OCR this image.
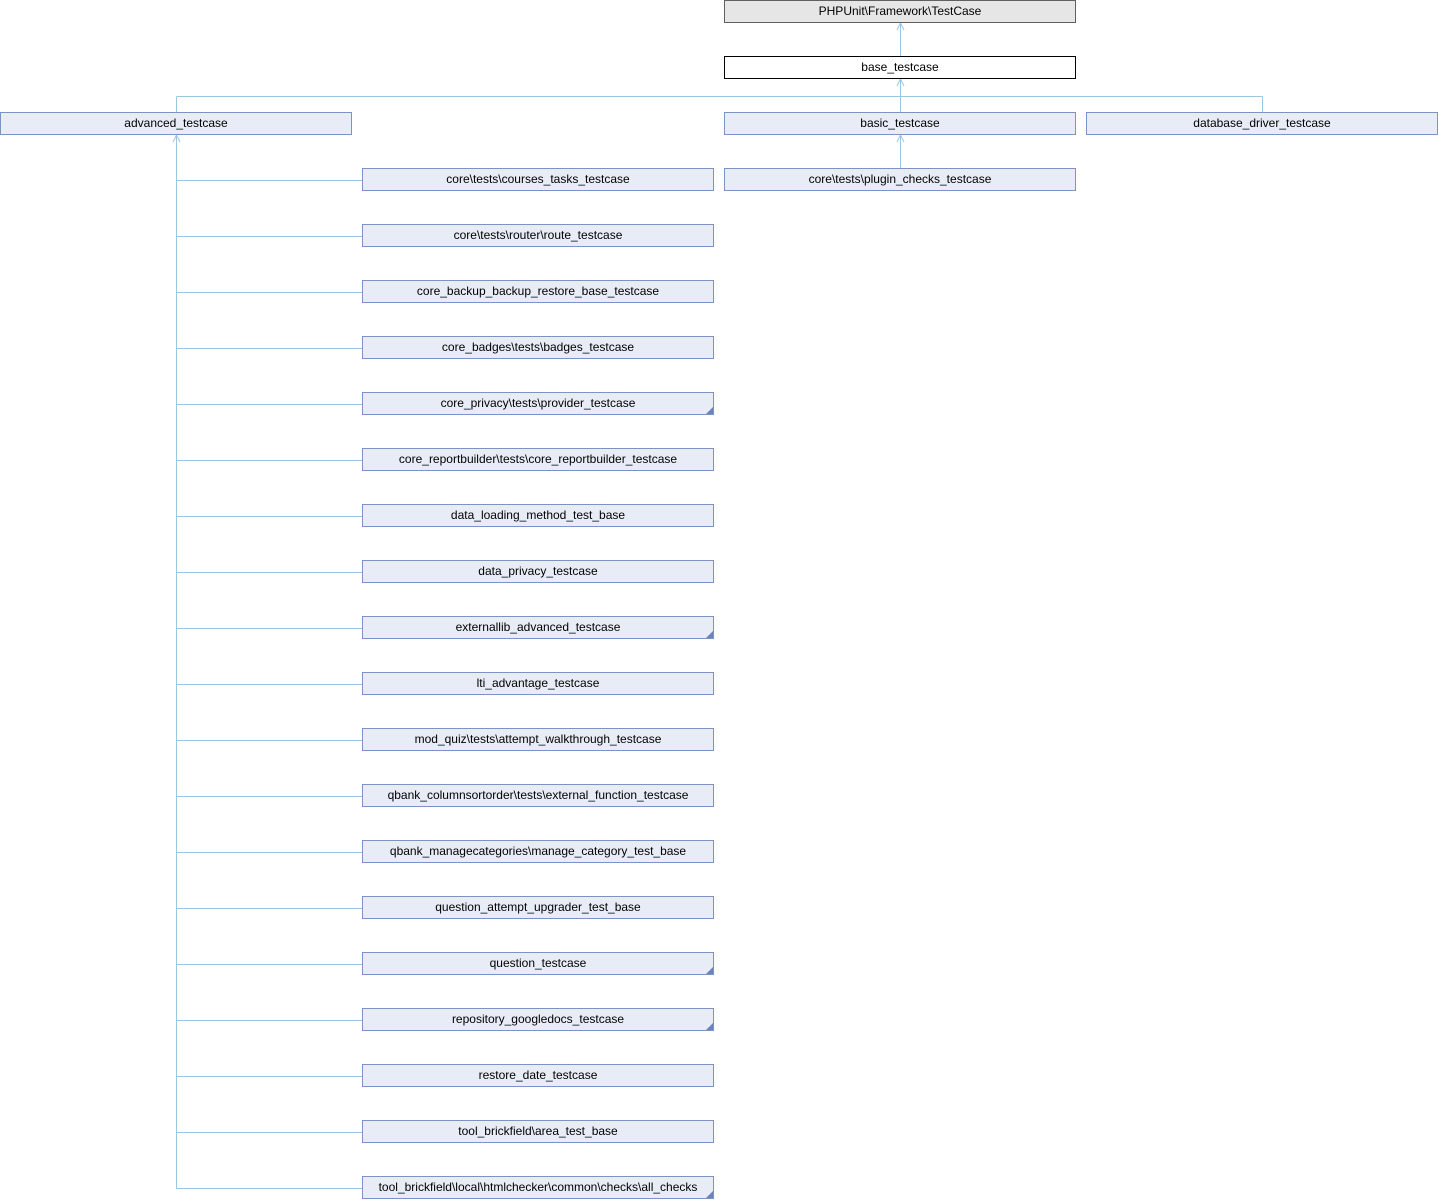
PHPUnit\Framework\TestCase
base_testcase
advanced_testcase	basic_testcase	database_driver_testcase
core\tests\plugin_checks_testcase
core\tests\courses_tasks_testcase
core\tests\router\route_testcase
core_backup_backup_restore_base_testcase
core_badges\tests\badges_testcase
core_privacy\tests\provider_testcase
core_reportbuilder\tests\core_reportbuilder_testcase
data_loading_method_test_base
data_privacy_testcase
externallib_advanced_testcase
lti_advantage_testcase
mod_quiz\tests\attempt_walkthrough_testcase
qbank_columnsortorder\tests\external_function_testcase
qbank_managecategories\manage_category_test_base
question_attempt_upgrader_test_base
question_testcase
repository_googledocs_testcase
restore_date_testcase
tool_brickfield\area_test_base
tool_brickfield\local\htmlchecker\common\checks\all_checks
